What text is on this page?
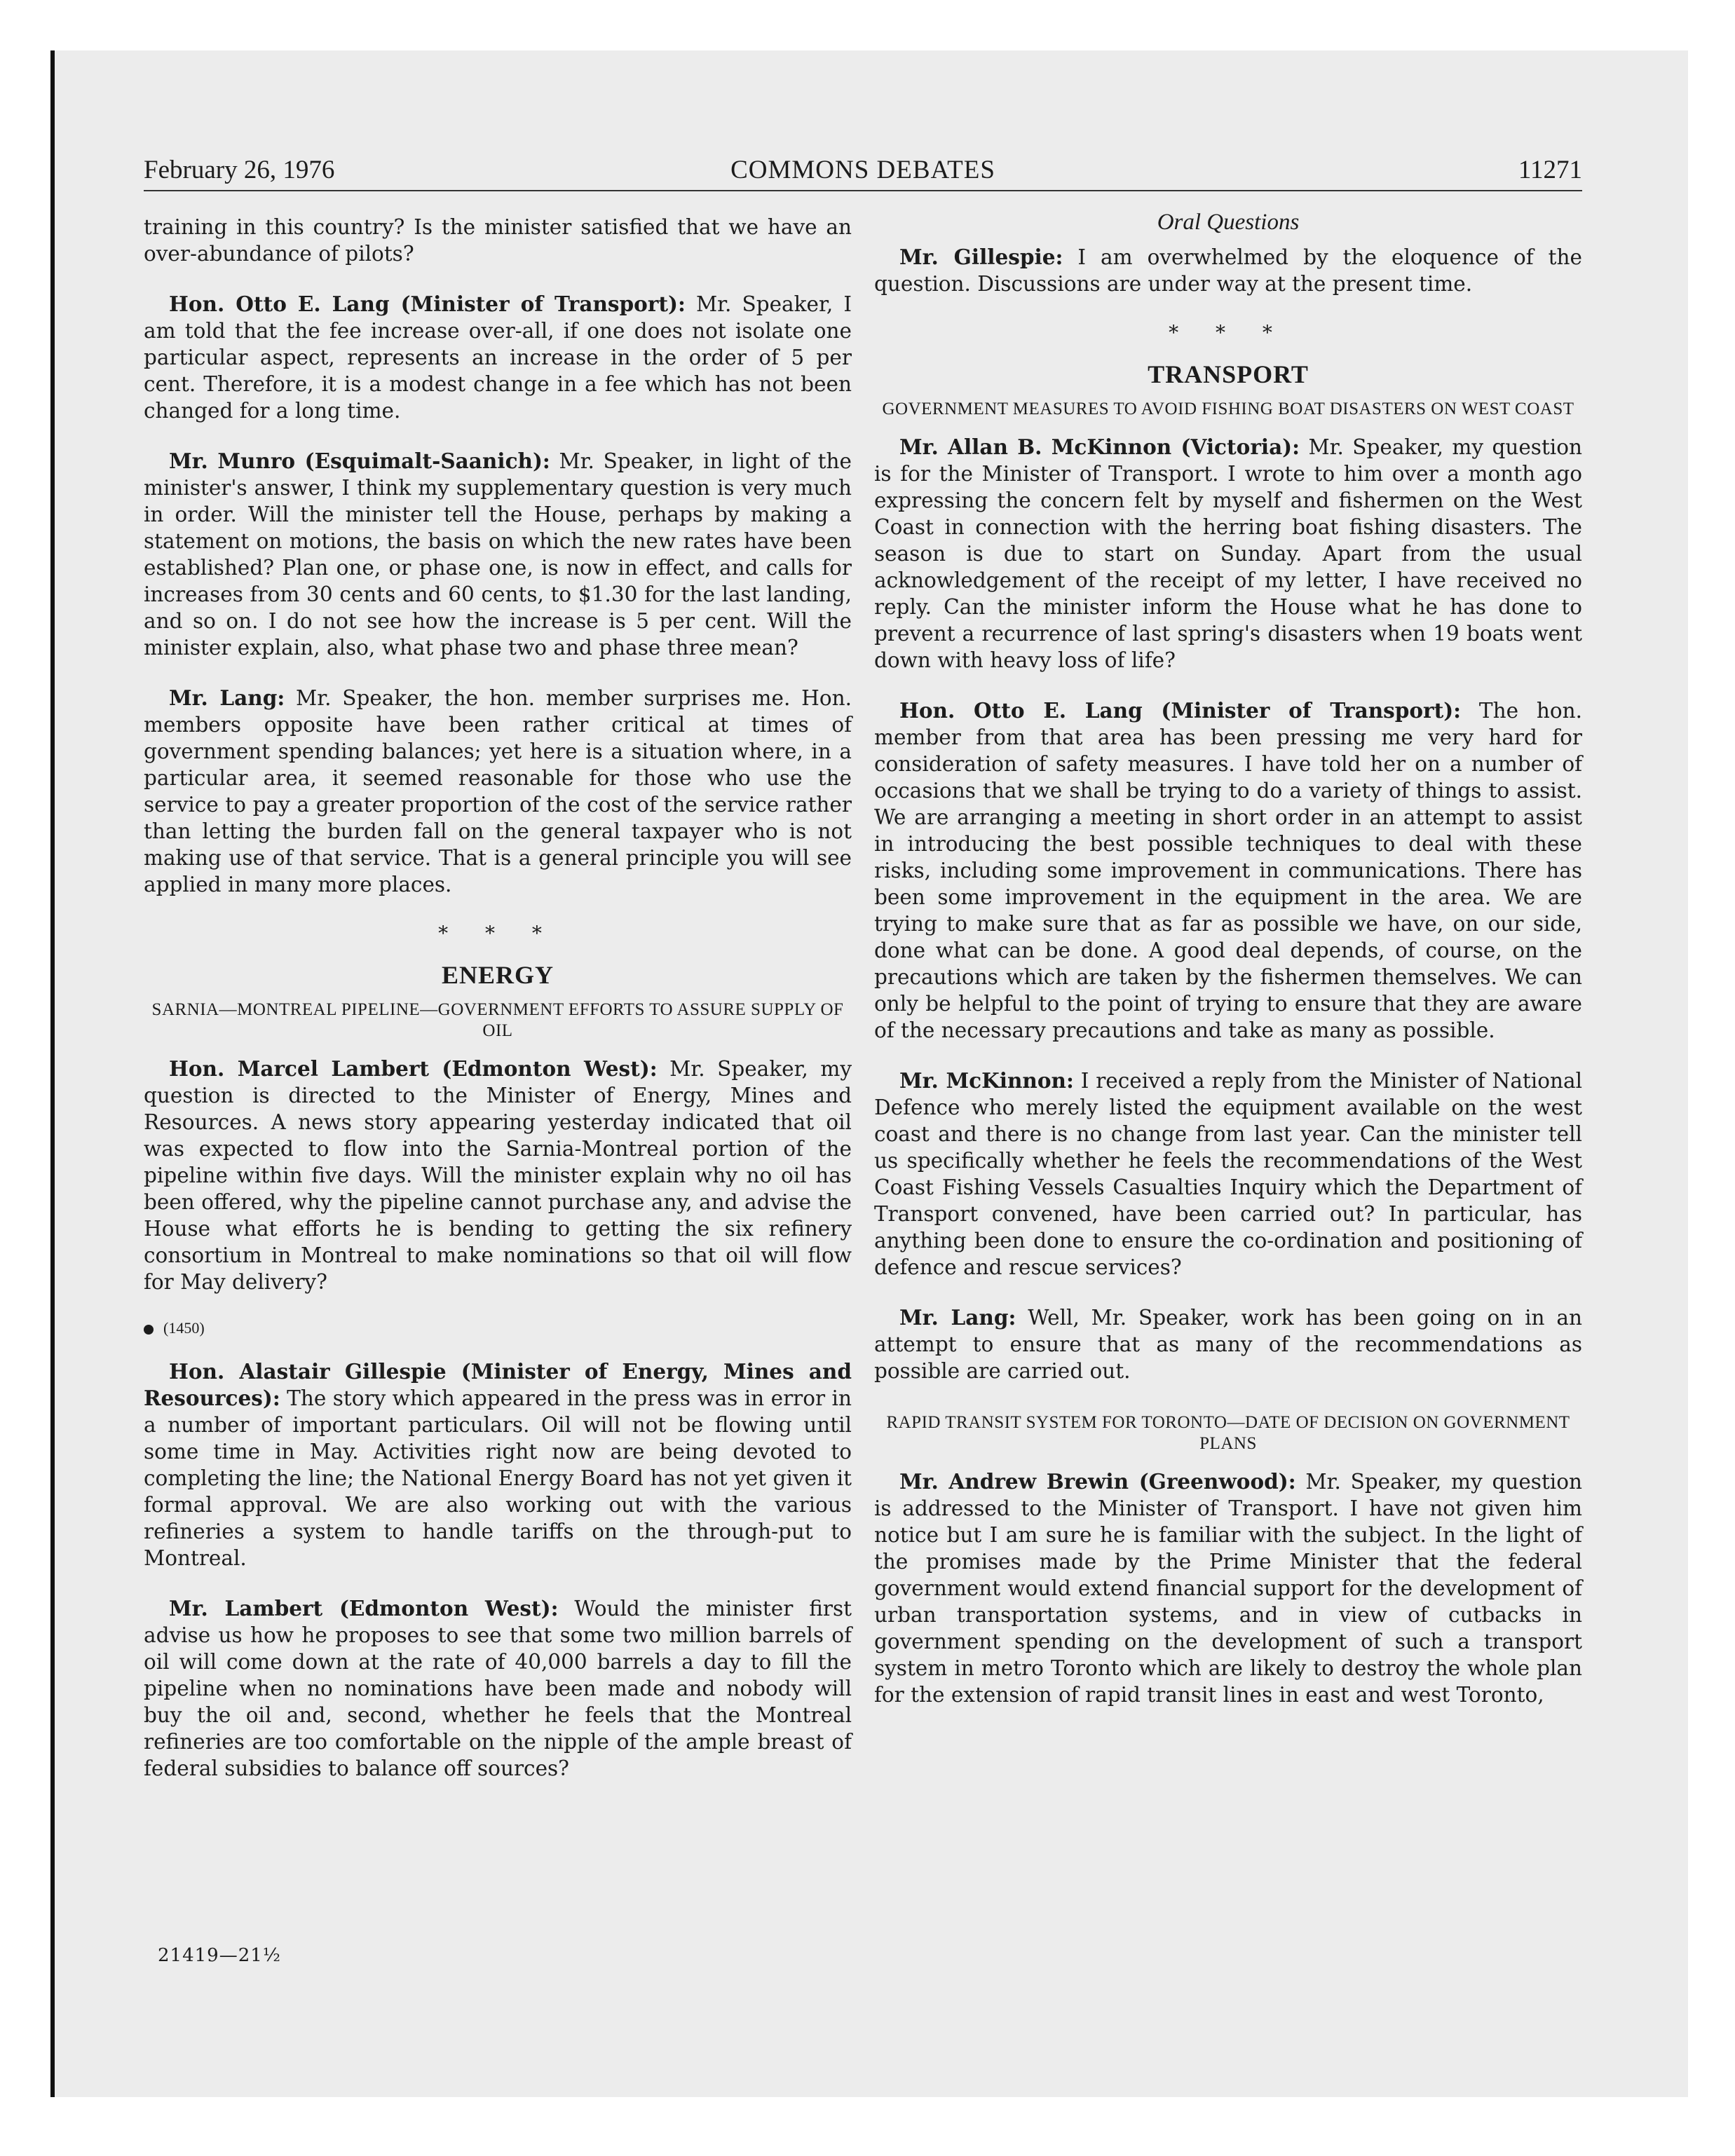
February 26, 1976	COMMONS DEBATES	11271

training in this country? Is the minister satisfied that we have an over-abundance of pilots?

Hon. Otto E. Lang (Minister of Transport): Mr. Speaker, I am told that the fee increase over-all, if one does not isolate one particular aspect, represents an increase in the order of 5 per cent. Therefore, it is a modest change in a fee which has not been changed for a long time.

Mr. Munro (Esquimalt-Saanich): Mr. Speaker, in light of the minister's answer, I think my supplementary question is very much in order. Will the minister tell the House, perhaps by making a statement on motions, the basis on which the new rates have been established? Plan one, or phase one, is now in effect, and calls for increases from 30 cents and 60 cents, to $1.30 for the last landing, and so on. I do not see how the increase is 5 per cent. Will the minister explain, also, what phase two and phase three mean?

Mr. Lang: Mr. Speaker, the hon. member surprises me. Hon. members opposite have been rather critical at times of government spending balances; yet here is a situation where, in a particular area, it seemed reasonable for those who use the service to pay a greater proportion of the cost of the service rather than letting the burden fall on the general taxpayer who is not making use of that service. That is a general principle you will see applied in many more places.

* * *
ENERGY
SARNIA—MONTREAL PIPELINE—GOVERNMENT EFFORTS TO ASSURE SUPPLY OF OIL

Hon. Marcel Lambert (Edmonton West): Mr. Speaker, my question is directed to the Minister of Energy, Mines and Resources. A news story appearing yesterday indicated that oil was expected to flow into the Sarnia-Montreal portion of the pipeline within five days. Will the minister explain why no oil has been offered, why the pipeline cannot purchase any, and advise the House what efforts he is bending to getting the six refinery consortium in Montreal to make nominations so that oil will flow for May delivery?

(1450)

Hon. Alastair Gillespie (Minister of Energy, Mines and Resources): The story which appeared in the press was in error in a number of important particulars. Oil will not be flowing until some time in May. Activities right now are being devoted to completing the line; the National Energy Board has not yet given it formal approval. We are also working out with the various refineries a system to handle tariffs on the through-put to Montreal.

Mr. Lambert (Edmonton West): Would the minister first advise us how he proposes to see that some two million barrels of oil will come down at the rate of 40,000 barrels a day to fill the pipeline when no nominations have been made and nobody will buy the oil and, second, whether he feels that the Montreal refineries are too comfortable on the nipple of the ample breast of federal subsidies to balance off sources?

Oral Questions

Mr. Gillespie: I am overwhelmed by the eloquence of the question. Discussions are under way at the present time.

* * *
TRANSPORT
GOVERNMENT MEASURES TO AVOID FISHING BOAT DISASTERS ON WEST COAST

Mr. Allan B. McKinnon (Victoria): Mr. Speaker, my question is for the Minister of Transport. I wrote to him over a month ago expressing the concern felt by myself and fishermen on the West Coast in connection with the herring boat fishing disasters. The season is due to start on Sunday. Apart from the usual acknowledgement of the receipt of my letter, I have received no reply. Can the minister inform the House what he has done to prevent a recurrence of last spring's disasters when 19 boats went down with heavy loss of life?

Hon. Otto E. Lang (Minister of Transport): The hon. member from that area has been pressing me very hard for consideration of safety measures. I have told her on a number of occasions that we shall be trying to do a variety of things to assist. We are arranging a meeting in short order in an attempt to assist in introducing the best possible techniques to deal with these risks, including some improvement in communications. There has been some improvement in the equipment in the area. We are trying to make sure that as far as possible we have, on our side, done what can be done. A good deal depends, of course, on the precautions which are taken by the fishermen themselves. We can only be helpful to the point of trying to ensure that they are aware of the necessary precautions and take as many as possible.

Mr. McKinnon: I received a reply from the Minister of National Defence who merely listed the equipment available on the west coast and there is no change from last year. Can the minister tell us specifically whether he feels the recommendations of the West Coast Fishing Vessels Casualties Inquiry which the Department of Transport convened, have been carried out? In particular, has anything been done to ensure the co-ordination and positioning of defence and rescue services?

Mr. Lang: Well, Mr. Speaker, work has been going on in an attempt to ensure that as many of the recommendations as possible are carried out.

RAPID TRANSIT SYSTEM FOR TORONTO—DATE OF DECISION ON GOVERNMENT PLANS

Mr. Andrew Brewin (Greenwood): Mr. Speaker, my question is addressed to the Minister of Transport. I have not given him notice but I am sure he is familiar with the subject. In the light of the promises made by the Prime Minister that the federal government would extend financial support for the development of urban transportation systems, and in view of cutbacks in government spending on the development of such a transport system in metro Toronto which are likely to destroy the whole plan for the extension of rapid transit lines in east and west Toronto,

21419—21½
